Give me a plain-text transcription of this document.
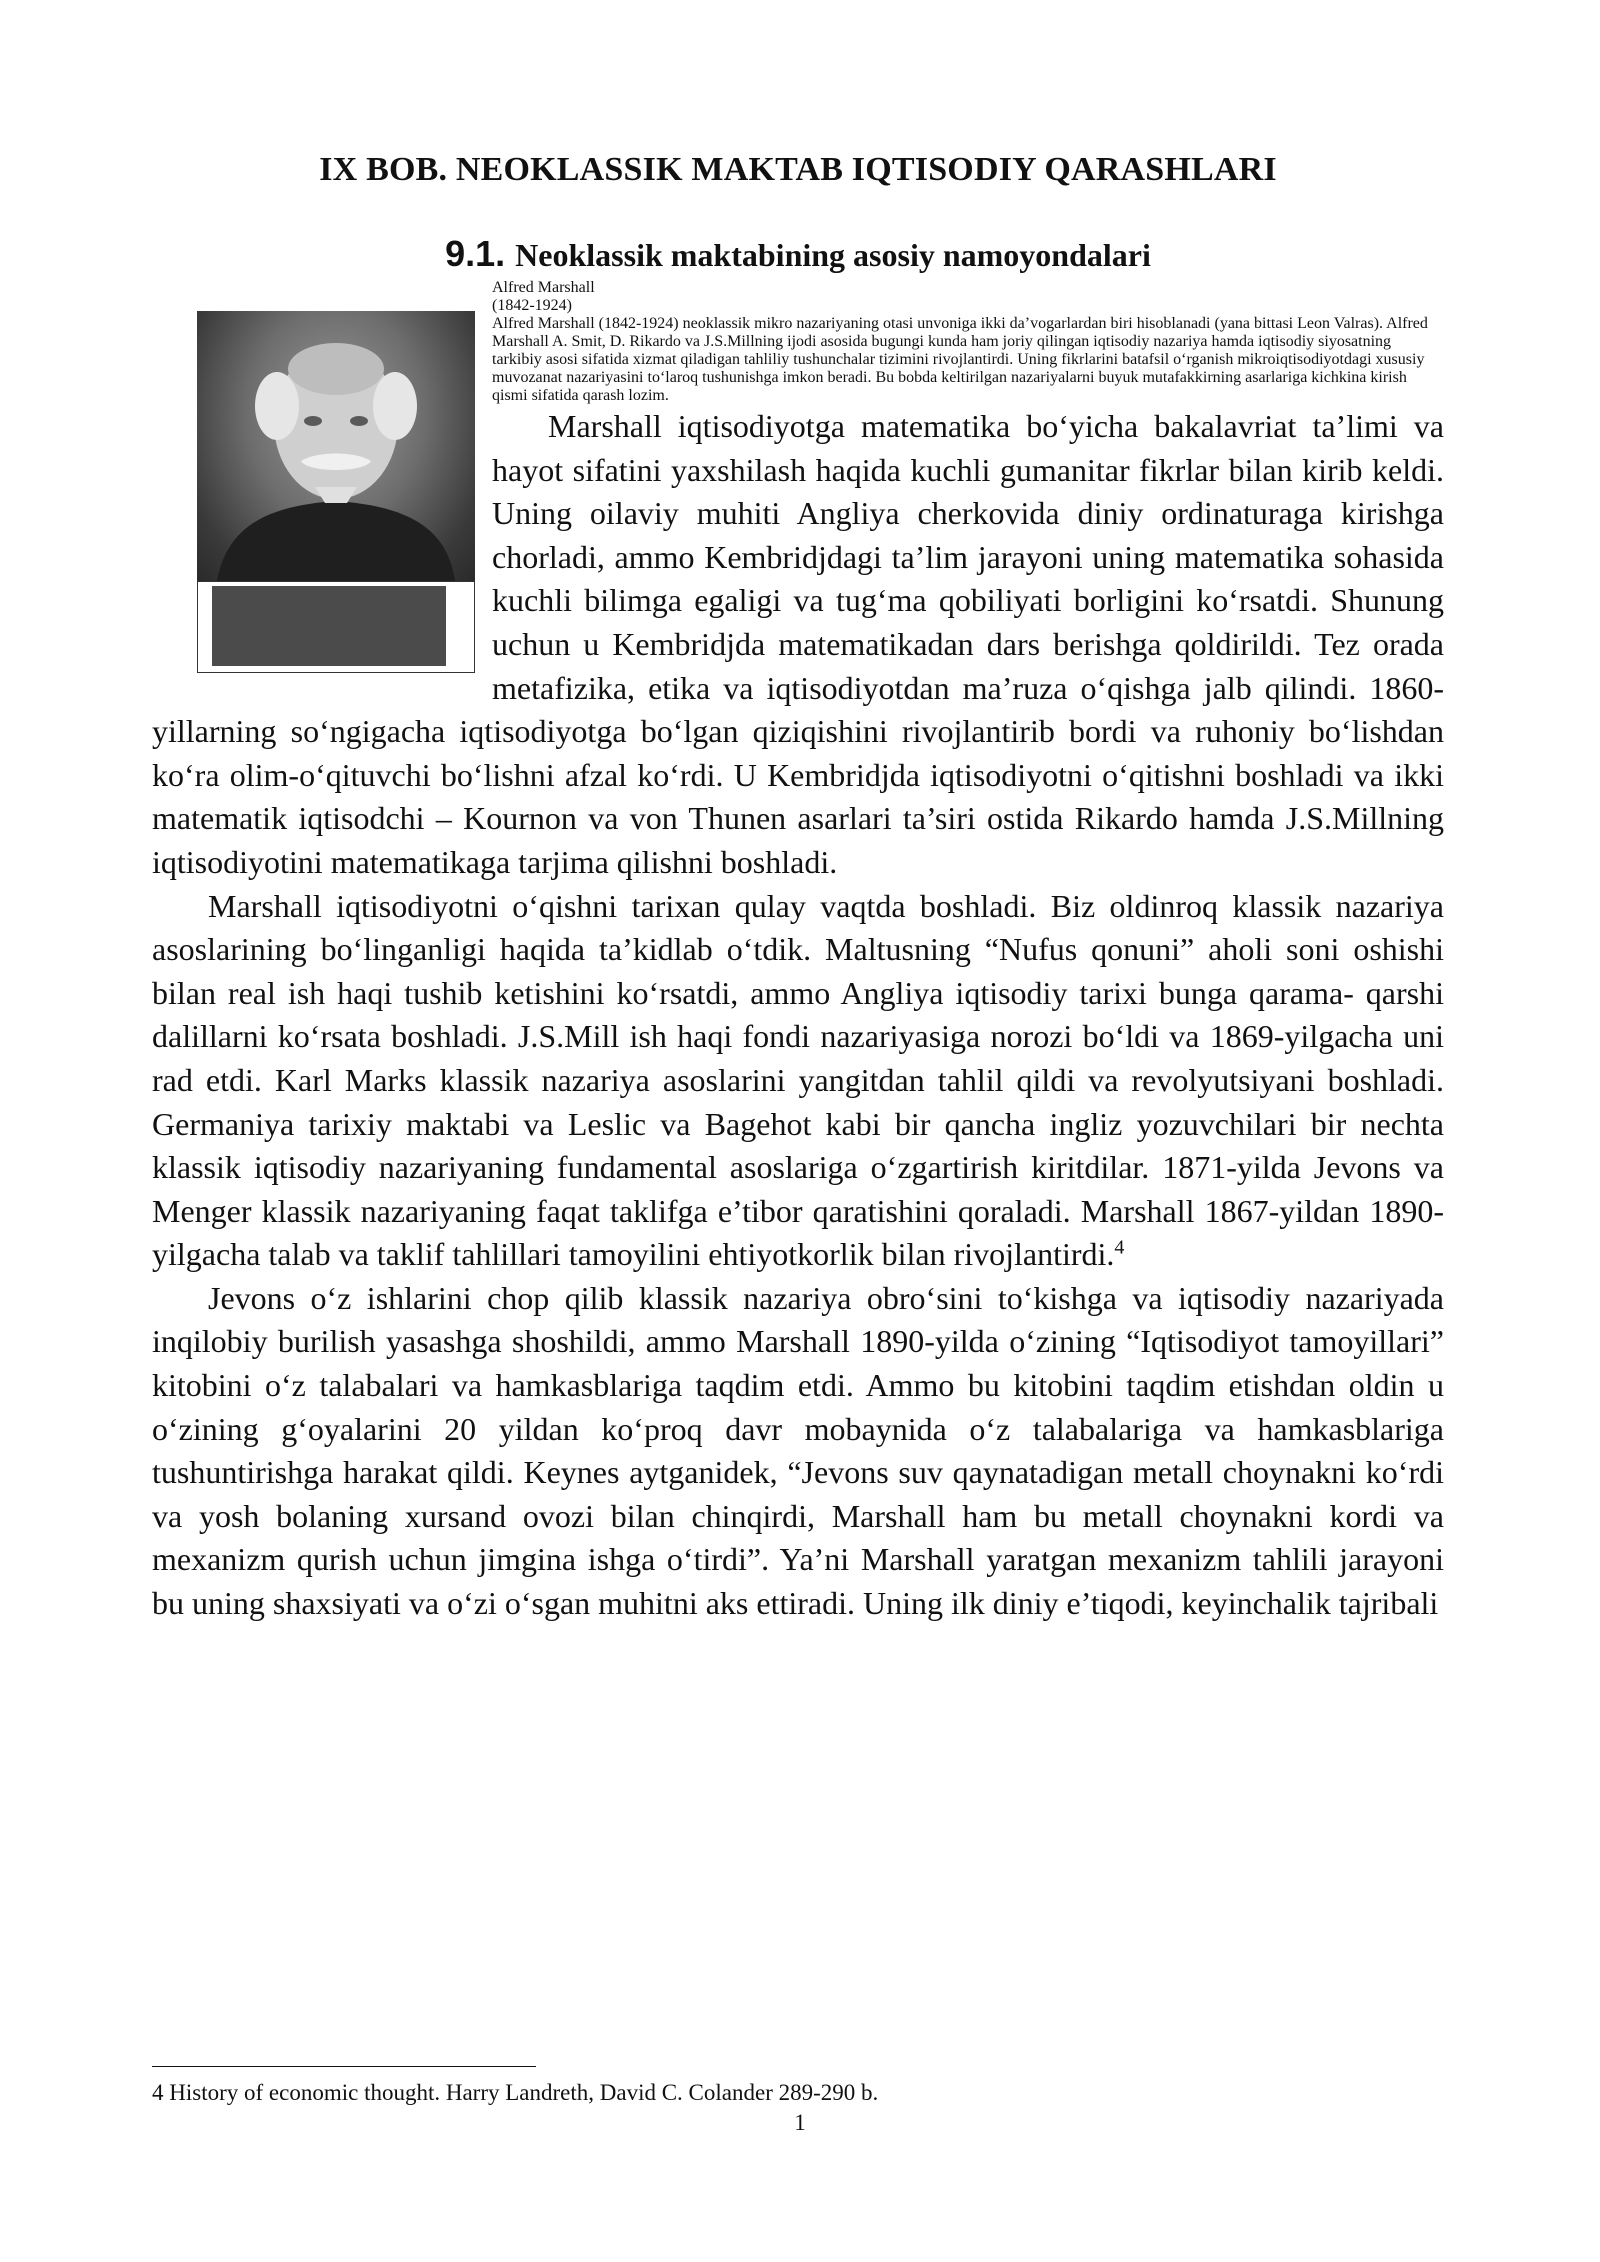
IX BOB. NEOKLASSIK MAKTAB IQTISODIY QARASHLARI
9.1. Neoklassik maktabining asosiy namoyondalari

Alfred Marshall
(1842-1924)
Alfred Marshall (1842-1924) neoklassik mikro nazariyaning otasi unvoniga ikki da’vogarlardan biri hisoblanadi (yana bittasi Leon Valras). Alfred Marshall A. Smit, D. Rikardo va J.S.Millning ijodi asosida bugungi kunda ham joriy qilingan iqtisodiy nazariya hamda iqtisodiy siyosatning tarkibiy asosi sifatida xizmat qiladigan tahliliy tushunchalar tizimini rivojlantirdi. Uning fikrlarini batafsil o‘rganish mikroiqtisodiyotdagi xususiy muvozanat nazariyasini to‘laroq tushunishga imkon beradi. Bu bobda keltirilgan nazariyalarni buyuk mutafakkirning asarlariga kichkina kirish qismi sifatida qarash lozim.

Marshall iqtisodiyotga matematika bo‘yicha bakalavriat ta’limi va hayot sifatini yaxshilash haqida kuchli gumanitar fikrlar bilan kirib keldi. Uning oilaviy muhiti Angliya cherkovida diniy ordinaturaga kirishga chorladi, ammo Kembridjdagi ta’lim jarayoni uning matematika sohasida kuchli bilimga egaligi va tug‘ma qobiliyati borligini ko‘rsatdi. Shunung uchun u Kembridjda matematikadan dars berishga qoldirildi. Tez orada metafizika, etika va iqtisodiyotdan ma’ruza o‘qishga jalb qilindi. 1860-yillarning so‘ngigacha iqtisodiyotga bo‘lgan qiziqishini rivojlantirib bordi va ruhoniy bo‘lishdan ko‘ra olim-o‘qituvchi bo‘lishni afzal ko‘rdi. U Kembridjda iqtisodiyotni o‘qitishni boshladi va ikki matematik iqtisodchi – Kournon va von Thunen asarlari ta’siri ostida Rikardo hamda J.S.Millning iqtisodiyotini matematikaga tarjima qilishni boshladi.

Marshall iqtisodiyotni o‘qishni tarixan qulay vaqtda boshladi. Biz oldinroq klassik nazariya asoslarining bo‘linganligi haqida ta’kidlab o‘tdik. Maltusning “Nufus qonuni” aholi soni oshishi bilan real ish haqi tushib ketishini ko‘rsatdi, ammo Angliya iqtisodiy tarixi bunga qarama- qarshi dalillarni ko‘rsata boshladi. J.S.Mill ish haqi fondi nazariyasiga norozi bo‘ldi va 1869-yilgacha uni rad etdi. Karl Marks klassik nazariya asoslarini yangitdan tahlil qildi va revolyutsiyani boshladi. Germaniya tarixiy maktabi va Leslic va Bagehot kabi bir qancha ingliz yozuvchilari bir nechta klassik iqtisodiy nazariyaning fundamental asoslariga o‘zgartirish kiritdilar. 1871-yilda Jevons va Menger klassik nazariyaning faqat taklifga e’tibor qaratishini qoraladi. Marshall 1867-yildan 1890- yilgacha talab va taklif tahlillari tamoyilini ehtiyotkorlik bilan rivojlantirdi.$^4$

Jevons o‘z ishlarini chop qilib klassik nazariya obro‘sini to‘kishga va iqtisodiy nazariyada inqilobiy burilish yasashga shoshildi, ammo Marshall 1890-yilda o‘zining “Iqtisodiyot tamoyillari” kitobini o‘z talabalari va hamkasblariga taqdim etdi. Ammo bu kitobini taqdim etishdan oldin u o‘zining g‘oyalarini 20 yildan ko‘proq davr mobaynida o‘z talabalariga va hamkasblariga tushuntirishga harakat qildi. Keynes aytganidek, “Jevons suv qaynatadigan metall choynakni ko‘rdi va yosh bolaning xursand ovozi bilan chinqirdi, Marshall ham bu metall choynakni kordi va mexanizm qurish uchun jimgina ishga o‘tirdi”. Ya’ni Marshall yaratgan mexanizm tahlili jarayoni bu uning shaxsiyati va o‘zi o‘sgan muhitni aks ettiradi. Uning ilk diniy e’tiqodi, keyinchalik tajribali

4 History of economic thought. Harry Landreth, David C. Colander 289-290 b.
1
